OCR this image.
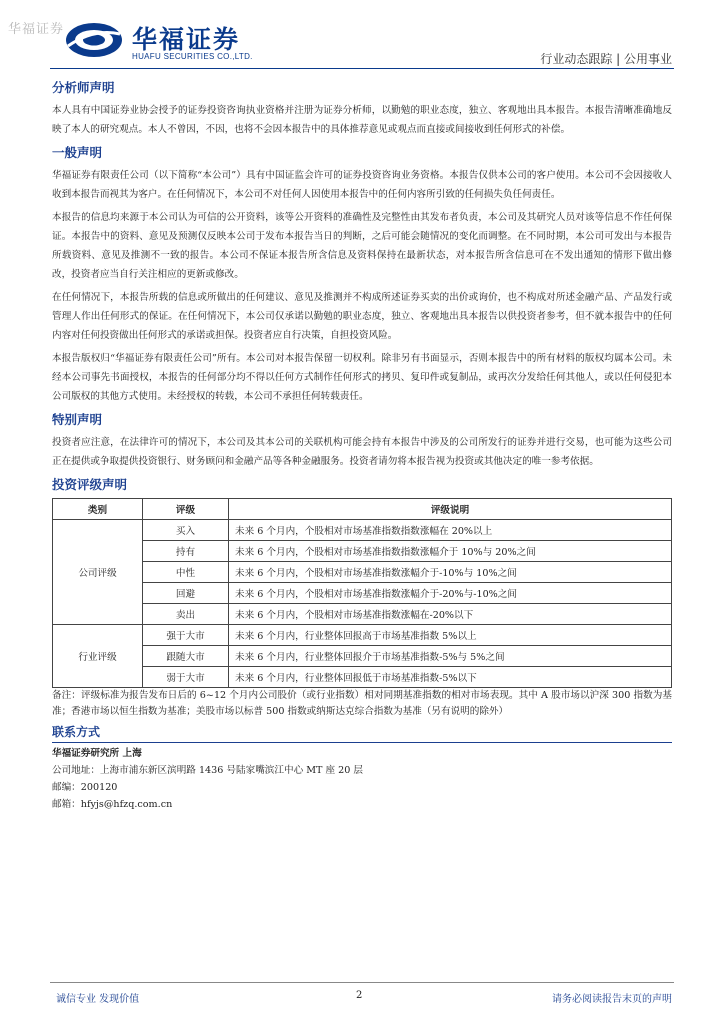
华福证券	华福证券
HUAFU SECURITIES CO.,LTD.	行业动态跟踪 | 公用事业
分析师声明

本人具有中国证券业协会授予的证券投资咨询执业资格并注册为证券分析师，以勤勉的职业态度，独立、客观地出具本报告。本报告清晰准确地反映了本人的研究观点。本人不曾因，不因，也将不会因本报告中的具体推荐意见或观点而直接或间接收到任何形式的补偿。

一般声明

华福证券有限责任公司（以下简称“本公司”）具有中国证监会许可的证券投资咨询业务资格。本报告仅供本公司的客户使用。本公司不会因接收人收到本报告而视其为客户。在任何情况下，本公司不对任何人因使用本报告中的任何内容所引致的任何损失负任何责任。

本报告的信息均来源于本公司认为可信的公开资料，该等公开资料的准确性及完整性由其发布者负责，本公司及其研究人员对该等信息不作任何保证。本报告中的资料、意见及预测仅反映本公司于发布本报告当日的判断，之后可能会随情况的变化而调整。在不同时期，本公司可发出与本报告所载资料、意见及推测不一致的报告。本公司不保证本报告所含信息及资料保持在最新状态，对本报告所含信息可在不发出通知的情形下做出修改，投资者应当自行关注相应的更新或修改。

在任何情况下，本报告所载的信息或所做出的任何建议、意见及推测并不构成所述证券买卖的出价或询价，也不构成对所述金融产品、产品发行或管理人作出任何形式的保证。在任何情况下，本公司仅承诺以勤勉的职业态度，独立、客观地出具本报告以供投资者参考，但不就本报告中的任何内容对任何投资做出任何形式的承诺或担保。投资者应自行决策，自担投资风险。

本报告版权归“华福证券有限责任公司”所有。本公司对本报告保留一切权利。除非另有书面显示，否则本报告中的所有材料的版权均属本公司。未经本公司事先书面授权，本报告的任何部分均不得以任何方式制作任何形式的拷贝、复印件或复制品，或再次分发给任何其他人，或以任何侵犯本公司版权的其他方式使用。未经授权的转载，本公司不承担任何转载责任。

特别声明

投资者应注意，在法律许可的情况下，本公司及其本公司的关联机构可能会持有本报告中涉及的公司所发行的证券并进行交易，也可能为这些公司正在提供或争取提供投资银行、财务顾问和金融产品等各种金融服务。投资者请勿将本报告视为投资或其他决定的唯一参考依据。

投资评级声明
类别	评级	评级说明
公司评级	买入	未来 6 个月内，个股相对市场基准指数指数涨幅在 20%以上
	持有	未来 6 个月内，个股相对市场基准指数指数涨幅介于 10%与 20%之间
	中性	未来 6 个月内，个股相对市场基准指数涨幅介于-10%与 10%之间
	回避	未来 6 个月内，个股相对市场基准指数涨幅介于-20%与-10%之间
	卖出	未来 6 个月内，个股相对市场基准指数涨幅在-20%以下
行业评级	强于大市	未来 6 个月内，行业整体回报高于市场基准指数 5%以上
	跟随大市	未来 6 个月内，行业整体回报介于市场基准指数-5%与 5%之间
	弱于大市	未来 6 个月内，行业整体回报低于市场基准指数-5%以下

备注：评级标准为报告发布日后的 6~12 个月内公司股价（或行业指数）相对同期基准指数的相对市场表现。其中 A 股市场以沪深 300 指数为基准；香港市场以恒生指数为基准；美股市场以标普 500 指数或纳斯达克综合指数为基准（另有说明的除外）

联系方式
华福证券研究所 上海
公司地址：上海市浦东新区滨明路 1436 号陆家嘴滨江中心 MT 座 20 层
邮编：200120
邮箱：hfyjs@hfzq.com.cn
诚信专业 发现价值	2	请务必阅读报告末页的声明
